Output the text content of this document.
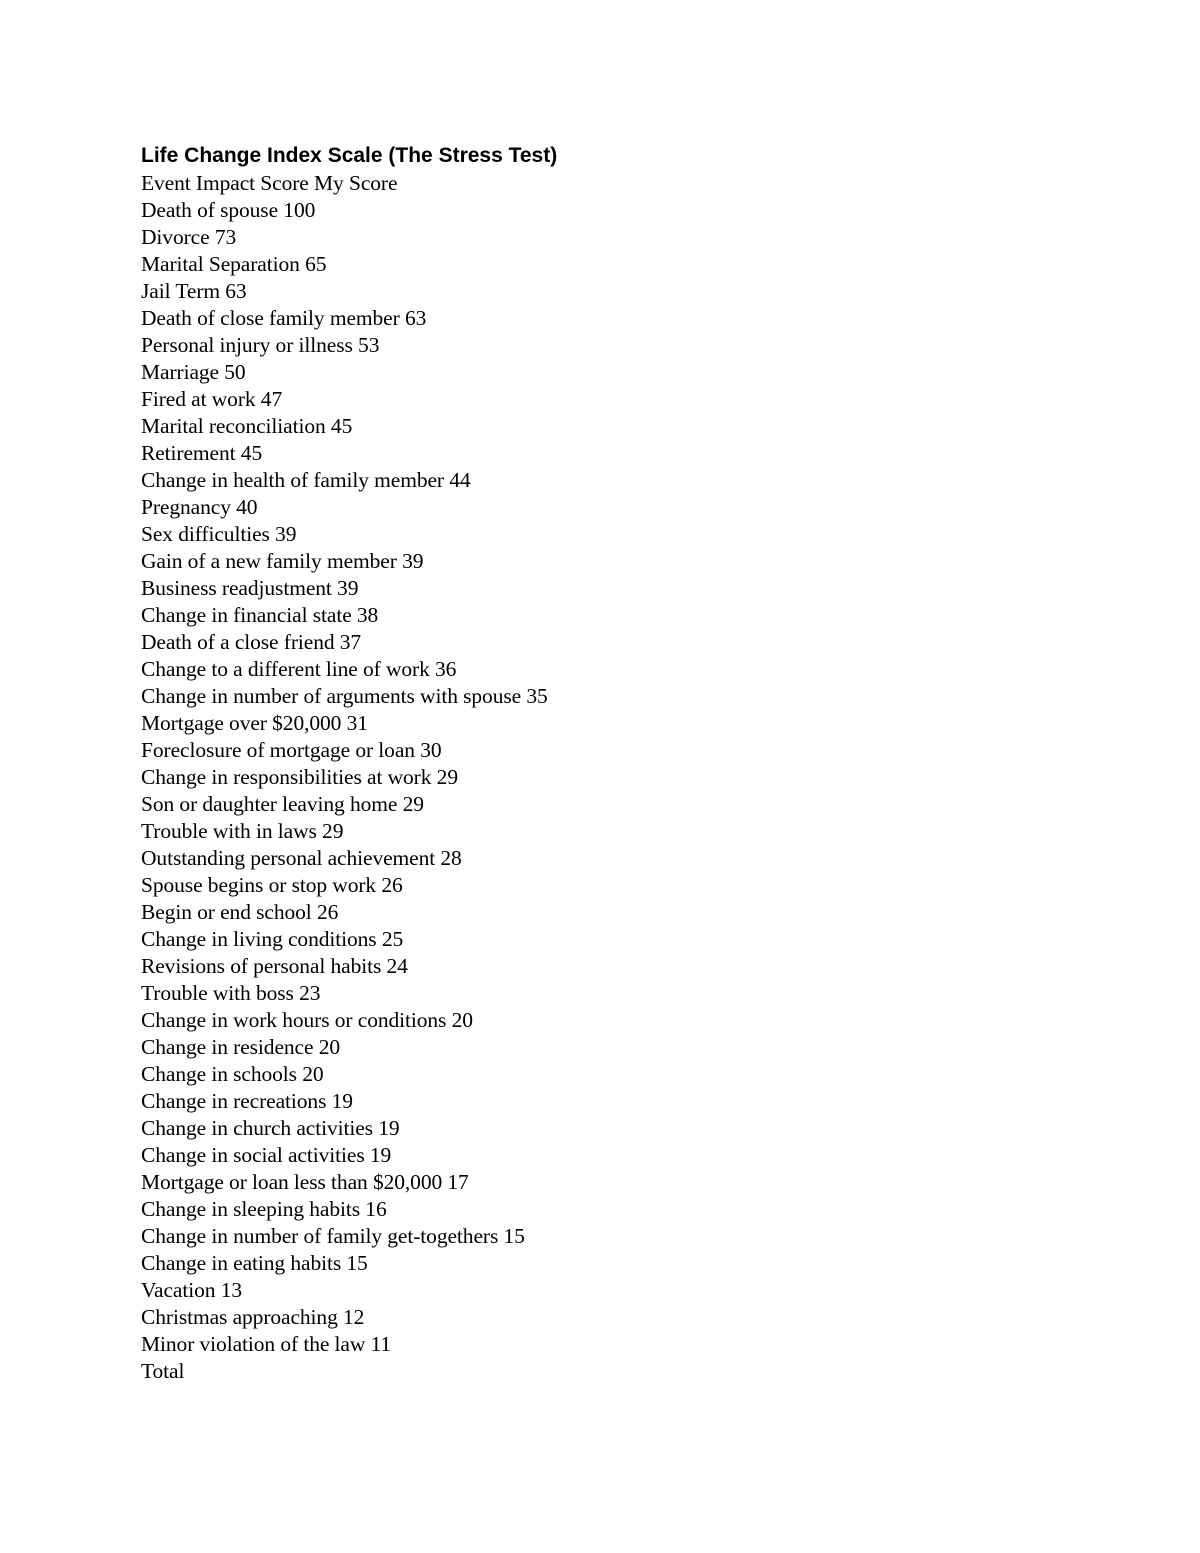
Life Change Index Scale (The Stress Test)
Event Impact Score My Score
Death of spouse 100
Divorce 73
Marital Separation 65
Jail Term 63
Death of close family member 63
Personal injury or illness 53
Marriage 50
Fired at work 47
Marital reconciliation 45
Retirement 45
Change in health of family member 44
Pregnancy 40
Sex difficulties 39
Gain of a new family member 39
Business readjustment 39
Change in financial state 38
Death of a close friend 37
Change to a different line of work 36
Change in number of arguments with spouse 35
Mortgage over $20,000 31
Foreclosure of mortgage or loan 30
Change in responsibilities at work 29
Son or daughter leaving home 29
Trouble with in laws 29
Outstanding personal achievement 28
Spouse begins or stop work 26
Begin or end school 26
Change in living conditions 25
Revisions of personal habits 24
Trouble with boss 23
Change in work hours or conditions 20
Change in residence 20
Change in schools 20
Change in recreations 19
Change in church activities 19
Change in social activities 19
Mortgage or loan less than $20,000 17
Change in sleeping habits 16
Change in number of family get-togethers 15
Change in eating habits 15
Vacation 13
Christmas approaching 12
Minor violation of the law 11
Total
